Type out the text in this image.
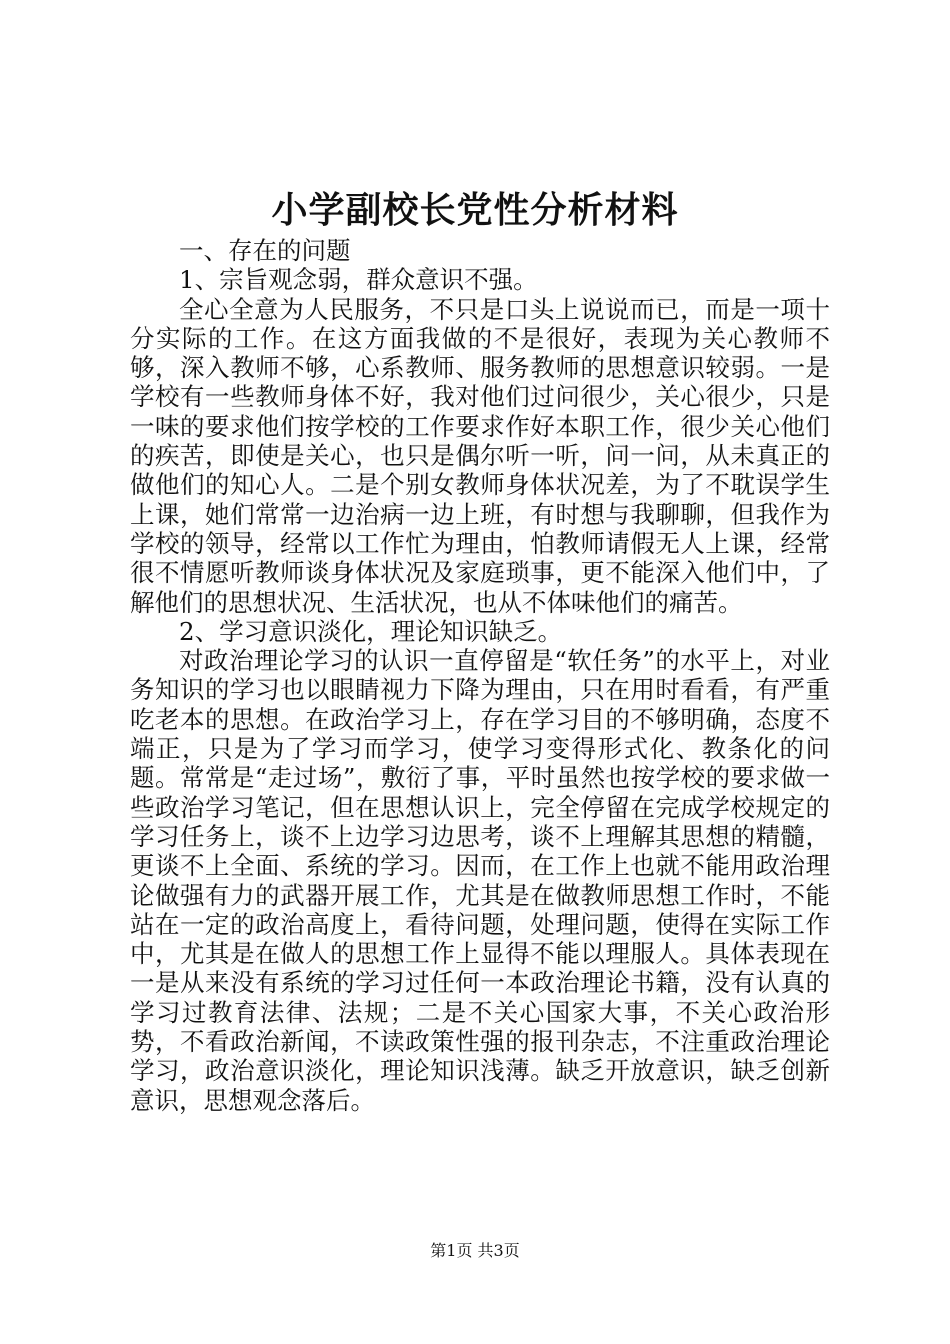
小学副校长党性分析材料

一、存在的问题

1、宗旨观念弱，群众意识不强。

全心全意为人民服务，不只是口头上说说而已，而是一项十分实际的工作。在这方面我做的不是很好，表现为关心教师不够，深入教师不够，心系教师、服务教师的思想意识较弱。一是学校有一些教师身体不好，我对他们过问很少，关心很少，只是一味的要求他们按学校的工作要求作好本职工作，很少关心他们的疾苦，即使是关心，也只是偶尔听一听，问一问，从未真正的做他们的知心人。二是个别女教师身体状况差，为了不耽误学生上课，她们常常一边治病一边上班，有时想与我聊聊，但我作为学校的领导，经常以工作忙为理由，怕教师请假无人上课，经常很不情愿听教师谈身体状况及家庭琐事，更不能深入他们中，了解他们的思想状况、生活状况，也从不体味他们的痛苦。

2、学习意识淡化，理论知识缺乏。

对政治理论学习的认识一直停留是“软任务”的水平上，对业务知识的学习也以眼睛视力下降为理由，只在用时看看，有严重吃老本的思想。在政治学习上，存在学习目的不够明确，态度不端正，只是为了学习而学习，使学习变得形式化、教条化的问题。常常是“走过场”，敷衍了事，平时虽然也按学校的要求做一些政治学习笔记，但在思想认识上，完全停留在完成学校规定的学习任务上，谈不上边学习边思考，谈不上理解其思想的精髓，更谈不上全面、系统的学习。因而，在工作上也就不能用政治理论做强有力的武器开展工作，尤其是在做教师思想工作时，不能站在一定的政治高度上，看待问题，处理问题，使得在实际工作中，尤其是在做人的思想工作上显得不能以理服人。具体表现在一是从来没有系统的学习过任何一本政治理论书籍，没有认真的学习过教育法律、法规；二是不关心国家大事，不关心政治形势，不看政治新闻，不读政策性强的报刊杂志，不注重政治理论学习，政治意识淡化，理论知识浅薄。缺乏开放意识，缺乏创新意识，思想观念落后。

第1页 共3页
